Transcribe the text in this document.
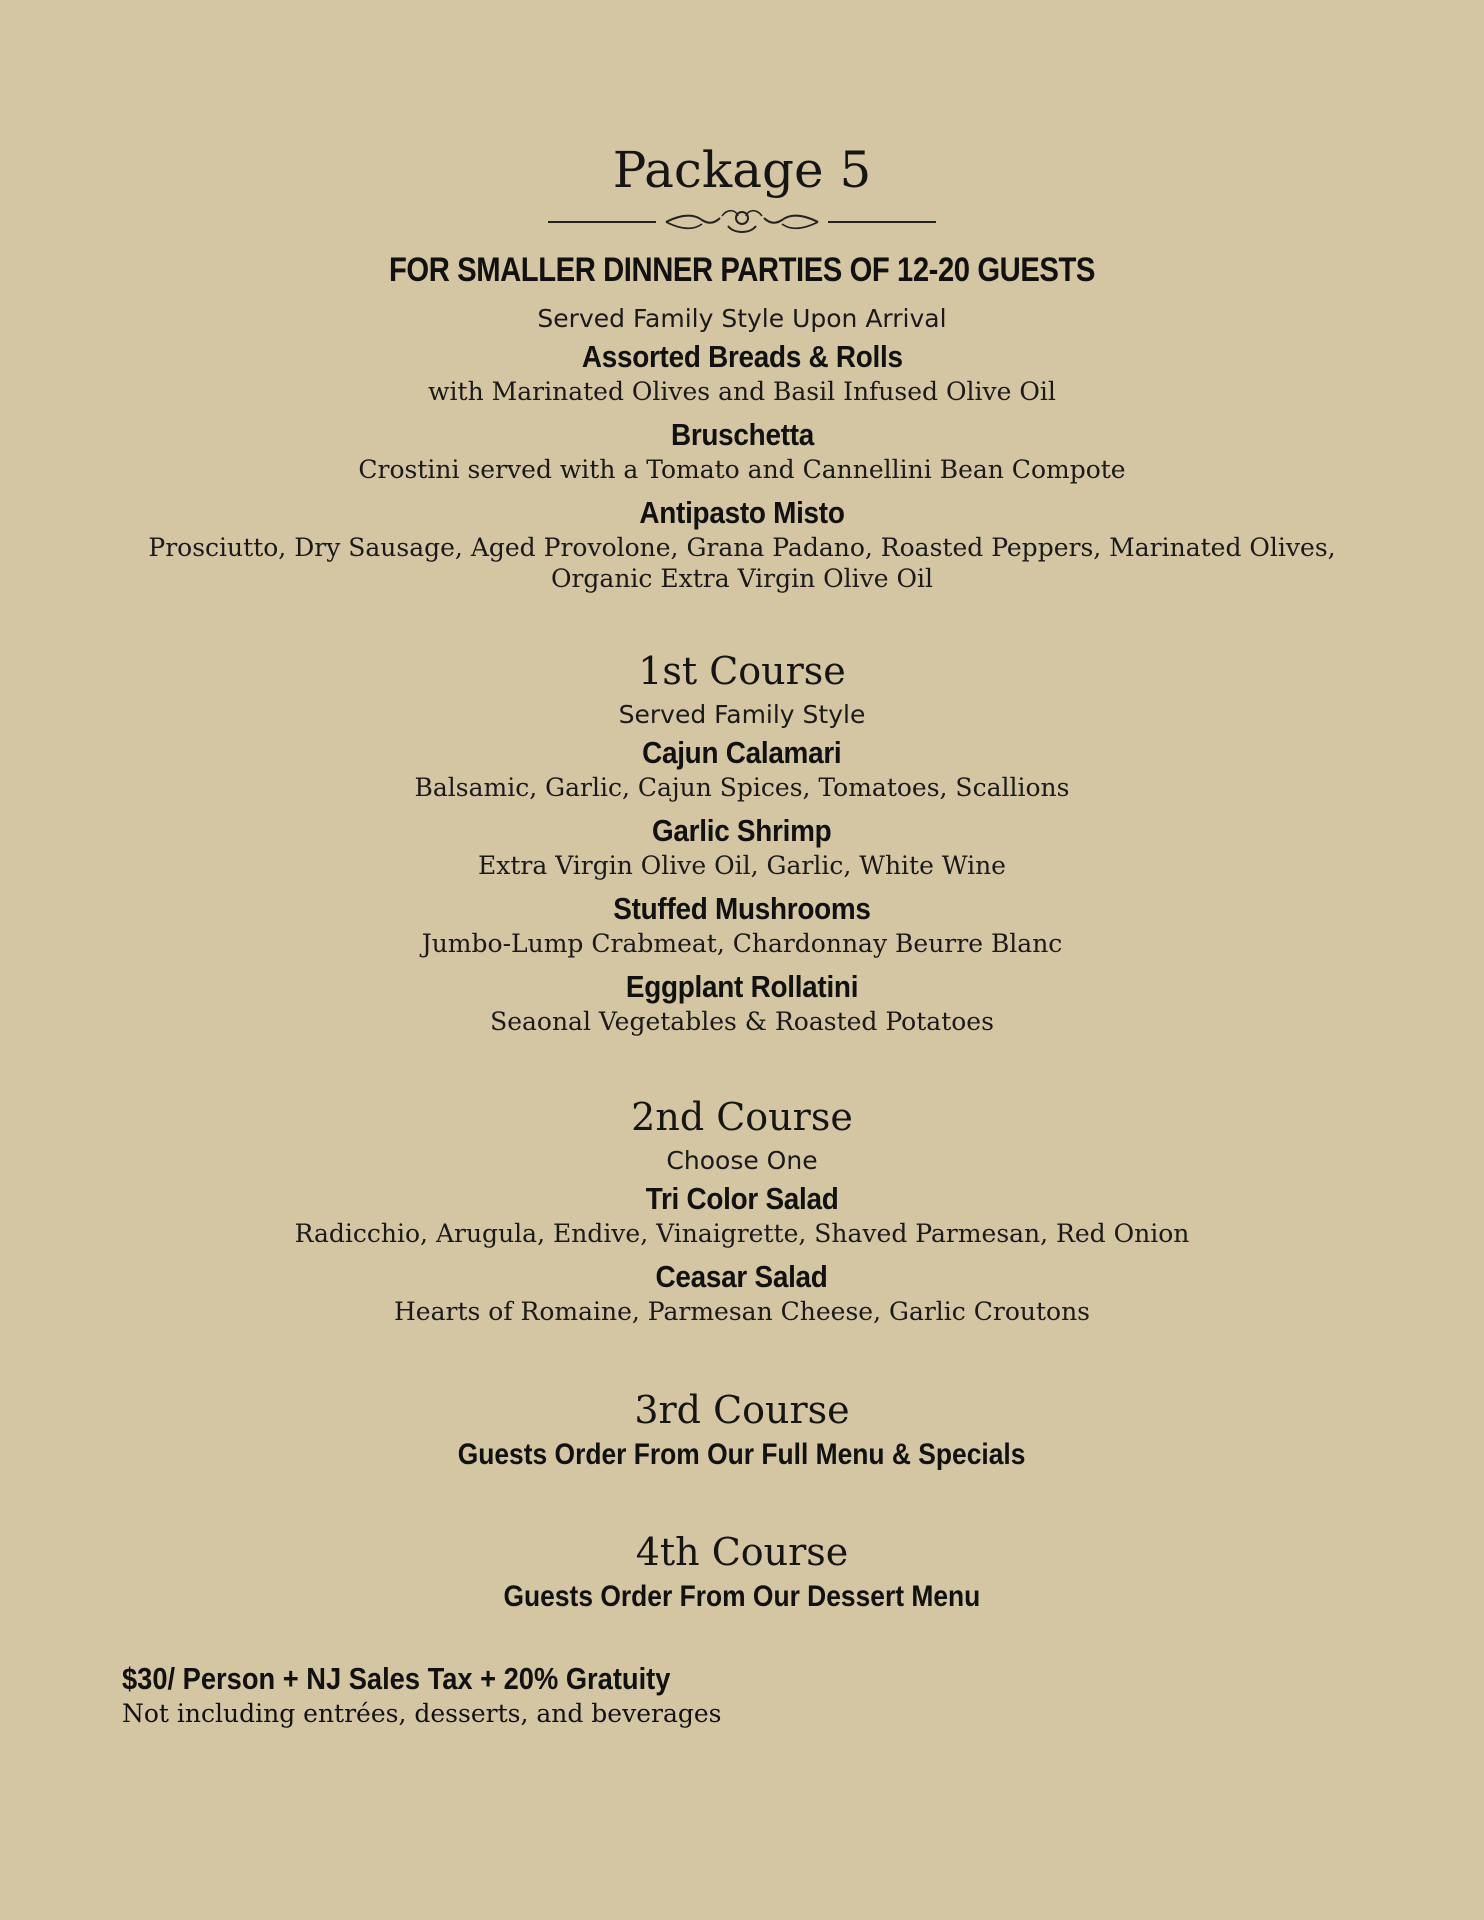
Package 5
FOR SMALLER DINNER PARTIES OF 12-20 GUESTS
Served Family Style Upon Arrival
Assorted Breads & Rolls
with Marinated Olives and Basil Infused Olive Oil
Bruschetta
Crostini served with a Tomato and Cannellini Bean Compote
Antipasto Misto
Prosciutto, Dry Sausage, Aged Provolone, Grana Padano, Roasted Peppers, Marinated Olives,
Organic Extra Virgin Olive Oil
1st Course
Served Family Style
Cajun Calamari
Balsamic, Garlic, Cajun Spices, Tomatoes, Scallions
Garlic Shrimp
Extra Virgin Olive Oil, Garlic, White Wine
Stuffed Mushrooms
Jumbo-Lump Crabmeat, Chardonnay Beurre Blanc
Eggplant Rollatini
Seaonal Vegetables & Roasted Potatoes
2nd Course
Choose One
Tri Color Salad
Radicchio, Arugula, Endive, Vinaigrette, Shaved Parmesan, Red Onion
Ceasar Salad
Hearts of Romaine, Parmesan Cheese, Garlic Croutons
3rd Course
Guests Order From Our Full Menu & Specials
4th Course
Guests Order From Our Dessert Menu
$30/ Person + NJ Sales Tax + 20% Gratuity
Not including entrées, desserts, and beverages
